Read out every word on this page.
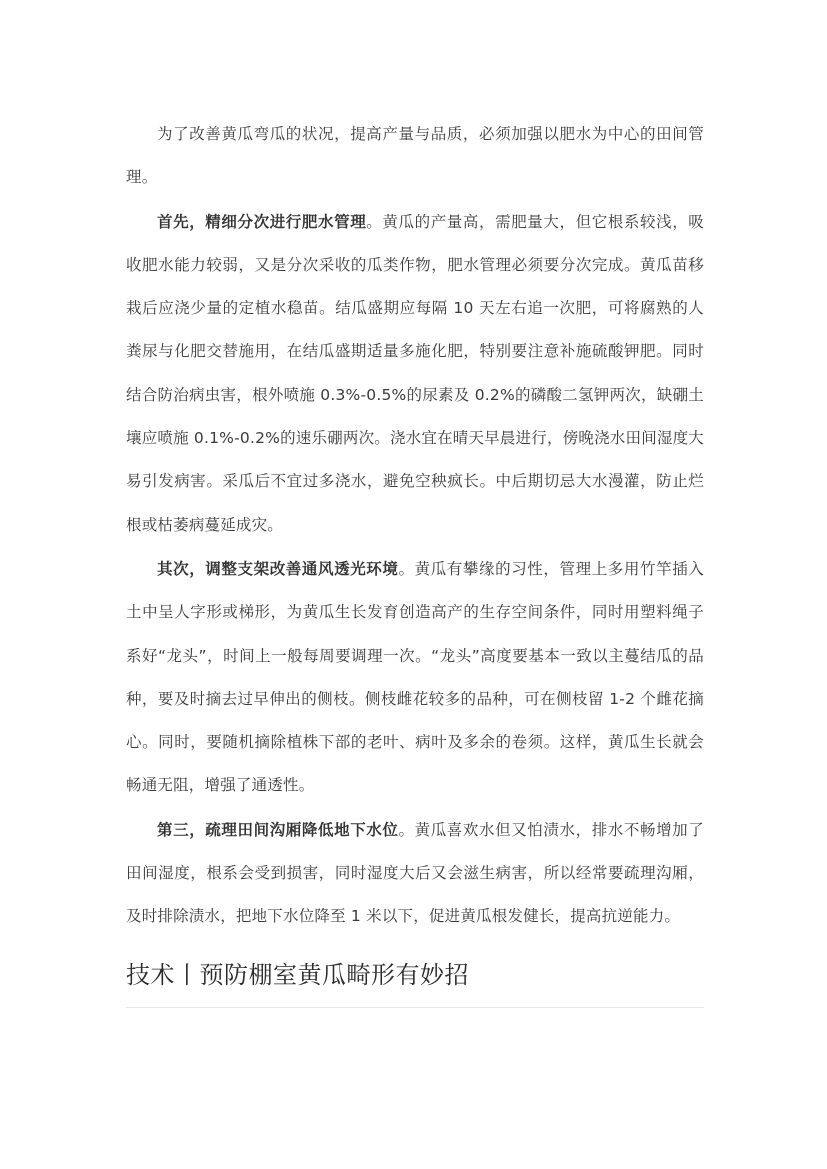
为了改善黄瓜弯瓜的状况，提高产量与品质，必须加强以肥水为中心的田间管理。

首先，精细分次进行肥水管理。黄瓜的产量高，需肥量大，但它根系较浅，吸收肥水能力较弱，又是分次采收的瓜类作物，肥水管理必须要分次完成。黄瓜苗移栽后应浇少量的定植水稳苗。结瓜盛期应每隔 10 天左右追一次肥，可将腐熟的人粪尿与化肥交替施用，在结瓜盛期适量多施化肥，特别要注意补施硫酸钾肥。同时结合防治病虫害，根外喷施 0.3%-0.5%的尿素及 0.2%的磷酸二氢钾两次，缺硼土壤应喷施 0.1%-0.2%的速乐硼两次。浇水宜在晴天早晨进行，傍晚浇水田间湿度大易引发病害。采瓜后不宜过多浇水，避免空秧疯长。中后期切忌大水漫灌，防止烂根或枯萎病蔓延成灾。

其次，调整支架改善通风透光环境。黄瓜有攀缘的习性，管理上多用竹竿插入土中呈人字形或梯形，为黄瓜生长发育创造高产的生存空间条件，同时用塑料绳子系好“龙头”，时间上一般每周要调理一次。“龙头”高度要基本一致以主蔓结瓜的品种，要及时摘去过早伸出的侧枝。侧枝雌花较多的品种，可在侧枝留 1-2 个雌花摘心。同时，要随机摘除植株下部的老叶、病叶及多余的卷须。这样，黄瓜生长就会畅通无阻，增强了通透性。

第三，疏理田间沟厢降低地下水位。黄瓜喜欢水但又怕渍水，排水不畅增加了田间湿度，根系会受到损害，同时湿度大后又会滋生病害，所以经常要疏理沟厢，及时排除渍水，把地下水位降至 1 米以下，促进黄瓜根发健长，提高抗逆能力。

技术丨预防棚室黄瓜畸形有妙招
